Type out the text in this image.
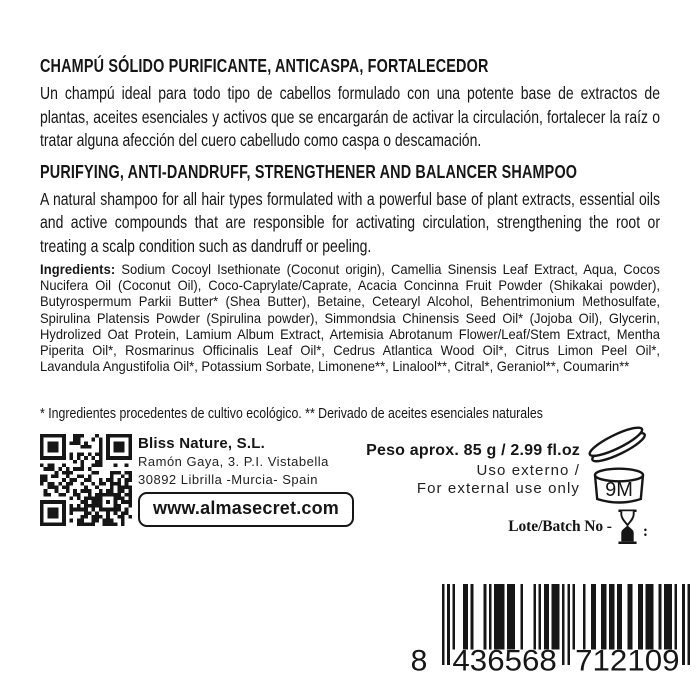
CHAMPÚ SÓLIDO PURIFICANTE, ANTICASPA, FORTALECEDOR

Un champú ideal para todo tipo de cabellos formulado con una potente base de extractos de plantas, aceites esenciales y activos que se encargarán de activar la circulación, fortalecer la raíz o tratar alguna afección del cuero cabelludo como caspa o descamación.

PURIFYING, ANTI-DANDRUFF, STRENGTHENER AND BALANCER SHAMPOO

A natural shampoo for all hair types formulated with a powerful base of plant extracts, essential oils and active compounds that are responsible for activating circulation, strengthening the root or treating a scalp condition such as dandruff or peeling.

Ingredients: Sodium Cocoyl Isethionate (Coconut origin), Camellia Sinensis Leaf Extract, Aqua, Cocos Nucifera Oil (Coconut Oil), Coco-Caprylate/Caprate, Acacia Concinna Fruit Powder (Shikakai powder), Butyrospermum Parkii Butter* (Shea Butter), Betaine, Cetearyl Alcohol, Behentrimonium Methosulfate, Spirulina Platensis Powder (Spirulina powder), Simmondsia Chinensis Seed Oil* (Jojoba Oil), Glycerin, Hydrolized Oat Protein, Lamium Album Extract, Artemisia Abrotanum Flower/Leaf/Stem Extract, Mentha Piperita Oil*, Rosmarinus Officinalis Leaf Oil*, Cedrus Atlantica Wood Oil*, Citrus Limon Peel Oil*, Lavandula Angustifolia Oil*, Potassium Sorbate, Limonene**, Linalool**, Citral*, Geraniol**, Coumarin**

* Ingredientes procedentes de cultivo ecológico. ** Derivado de aceites esenciales naturales

Bliss Nature, S.L.
Ramón Gaya, 3. P.I. Vistabella
30892 Librilla -Murcia- Spain
www.almasecret.com
Peso aprox. 85 g / 2.99 fl.oz
Uso externo /
For external use only 9M
Lote/Batch No - :
8 436568 712109
